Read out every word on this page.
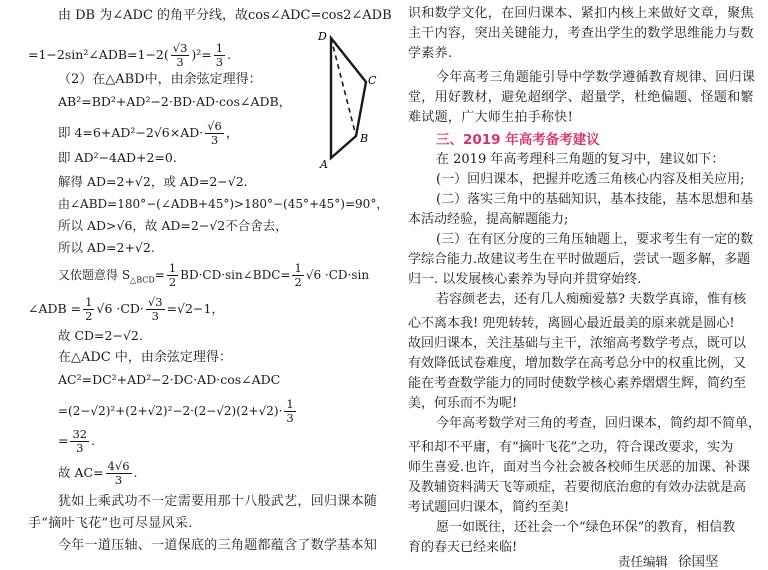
由 DB 为∠ADC 的角平分线，故cos∠ADC=cos2∠ADB
=1−2sin²∠ADB=1−2( $\frac{√3}{3} )^2= \frac{1}{3}$ .
（2）在△ABD中，由余弦定理得：
AB²=BD²+AD²−2·BD·AD·cos∠ADB，
即 $4=6+AD^2-2√6\times AD\cdot \frac{√6}{3}$ ，
即 AD²−4AD+2=0.
解得 AD=2+√2，或 AD=2−√2.
由∠ABD=180°−(∠ADB+45°)>180°−(45°+45°)=90°，
所以 AD>√6，故 AD=2−√2不合舍去，
所以 AD=2+√2.
又依题意得 $S_{\triangle BCD}= \frac{1}{2}$ BD·CD·sin∠BDC= $\frac{1}{2} √6 \cdot CD\cdot\sin$
∠ADB = $\frac{1}{2} √6 \cdot CD\cdot \frac{√3}{3} =√2-1$，
故 CD=2−√2.
在△ADC 中，由余弦定理得：
AC²=DC²+AD²−2·DC·AD·cos∠ADC
$=(2-√2)^2+(2+√2)^2-2\cdot(2-√2)(2+√2)\cdot \frac{1}{3}$
= $\frac{32}{3}$ .
故 $AC= \frac{4√6}{3}$ .
犹如上乘武功不一定需要用那十八般武艺，回归课本随
手“摘叶飞花”也可尽显风采.
今年一道压轴、一道保底的三角题都蕴含了数学基本知
D
C
B
A
识和数学文化，在回归课本、紧扣内核上来做好文章，聚焦
主干内容，突出关键能力，考查出学生的数学思维能力与数
学素养.
今年高考三角题能引导中学数学遵循教育规律、回归课
堂，用好教材，避免超纲学、超量学，杜绝偏题、怪题和繁
难试题，广大师生拍手称快!
三、2019 年高考备考建议
在 2019 年高考理科三角题的复习中，建议如下：
(一）回归课本，把握并吃透三角核心内容及相关应用;
(二）落实三角中的基础知识，基本技能，基本思想和基
本活动经验，提高解题能力;
(三）在有区分度的三角压轴题上，要求考生有一定的数
学综合能力.故建议考生在平时做题后，尝试一题多解，多题
归一. 以发展核心素养为导向并贯穿始终.
若容颜老去，还有几人痴痴爱慕? 夫数学真谛，惟有核
心不离本我! 兜兜转转，离圆心最近最美的原来就是圆心!
故回归课本，关注基础与主干，浓缩高考数学考点，既可以
有效降低试卷难度，增加数学在高考总分中的权重比例，又
能在考查数学能力的同时使数学核心素养熠熠生辉，简约至
美，何乐而不为呢!
今年高考数学对三角的考查，回归课本，简约却不简单，
平和却不平庸，有“摘叶飞花”之功，符合课改要求，实为
师生喜爱.也许，面对当今社会被各校师生厌恶的加课、补课
及教辅资料满天飞等顽症，若要彻底治愈的有效办法就是高
考试题回归课本，简约至美!
愿一如既往，还社会一个“绿色环保”的教育，相信教
育的春天已经来临!
责任编辑 徐国坚
